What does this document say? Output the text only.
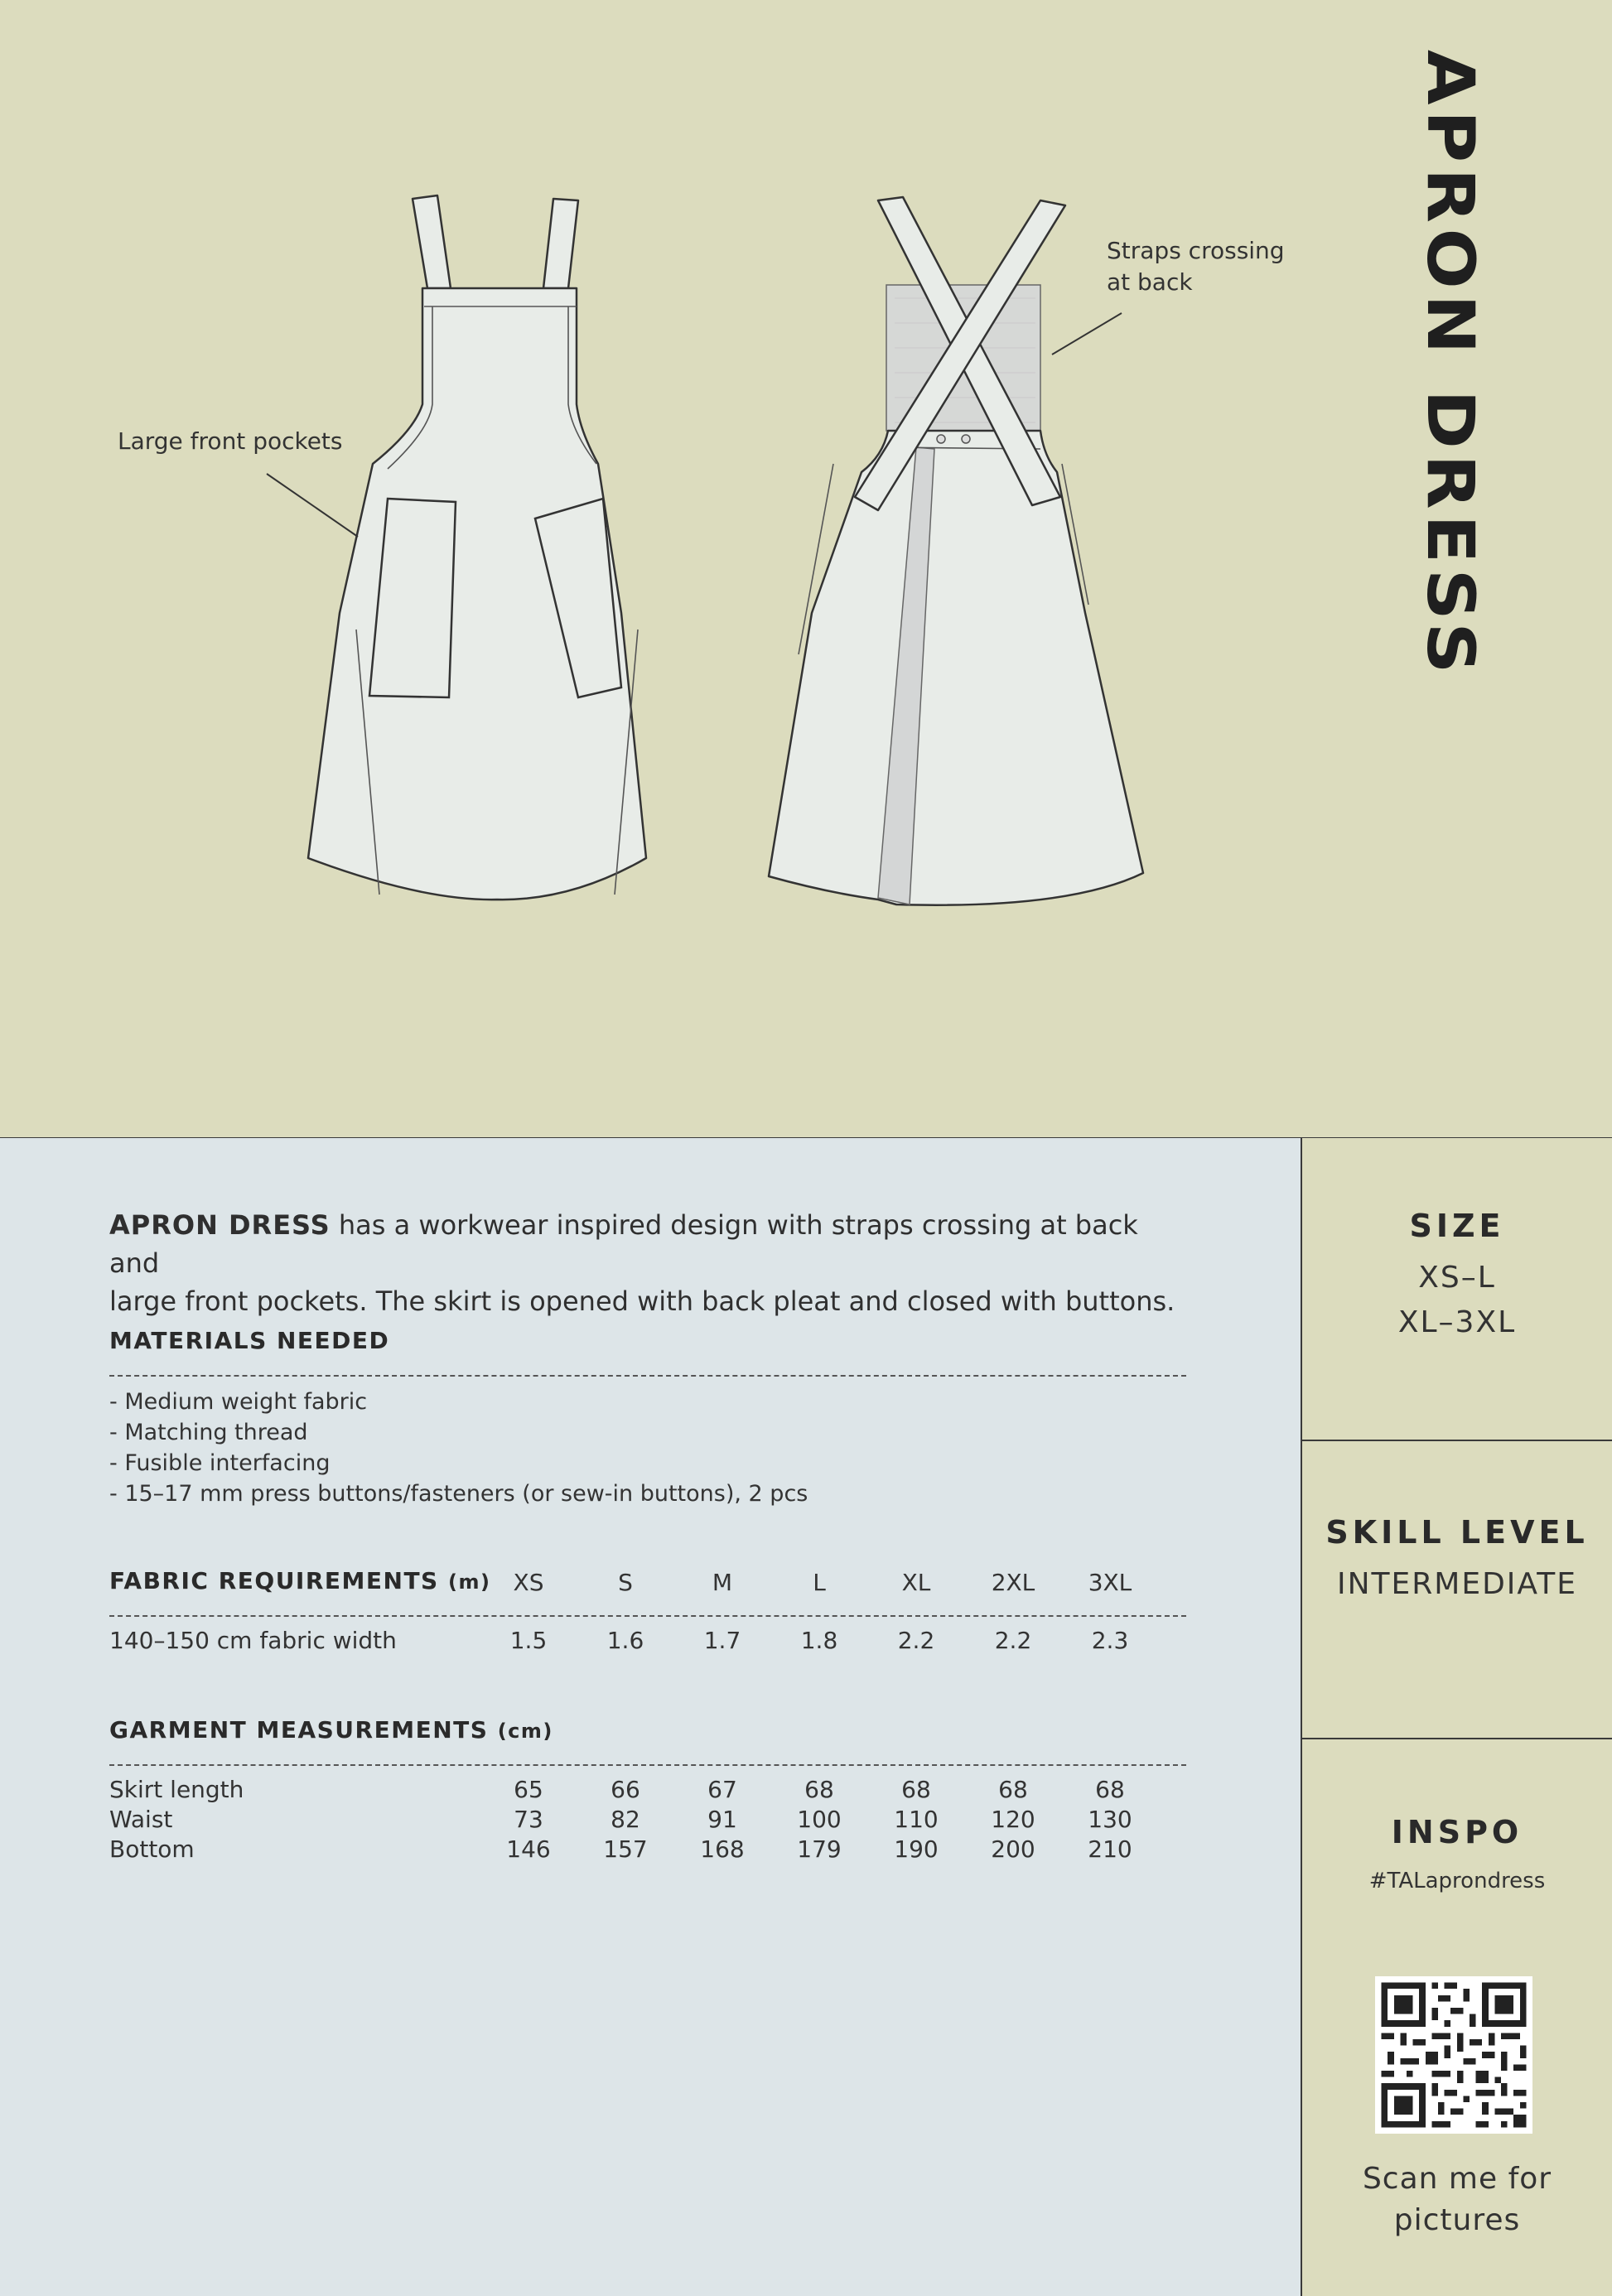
Large front pockets
Straps crossing
at back	APRON DRESS
APRON DRESS has a workwear inspired design with straps crossing at back and
large front pockets. The skirt is opened with back pleat and closed with buttons.
MATERIALS NEEDED
- Medium weight fabric
- Matching thread
- Fusible interfacing
- 15–17 mm press buttons/fasteners (or sew-in buttons), 2 pcs
FABRIC REQUIREMENTS (m) XS	S	M	L	XL	2XL	3XL
140–150 cm fabric width	1.5	1.6	1.7	1.8	2.2	2.2	2.3
GARMENT MEASUREMENTS (cm)
Skirt length	65	66	67	68	68	68	68
Waist	73	82	91	100	110	120	130
Bottom	146	157	168	179	190	200	210
SIZE
XS–L
XL–3XL
SKILL LEVEL
INTERMEDIATE
INSPO
#TALaprondress
Scan me for
pictures
